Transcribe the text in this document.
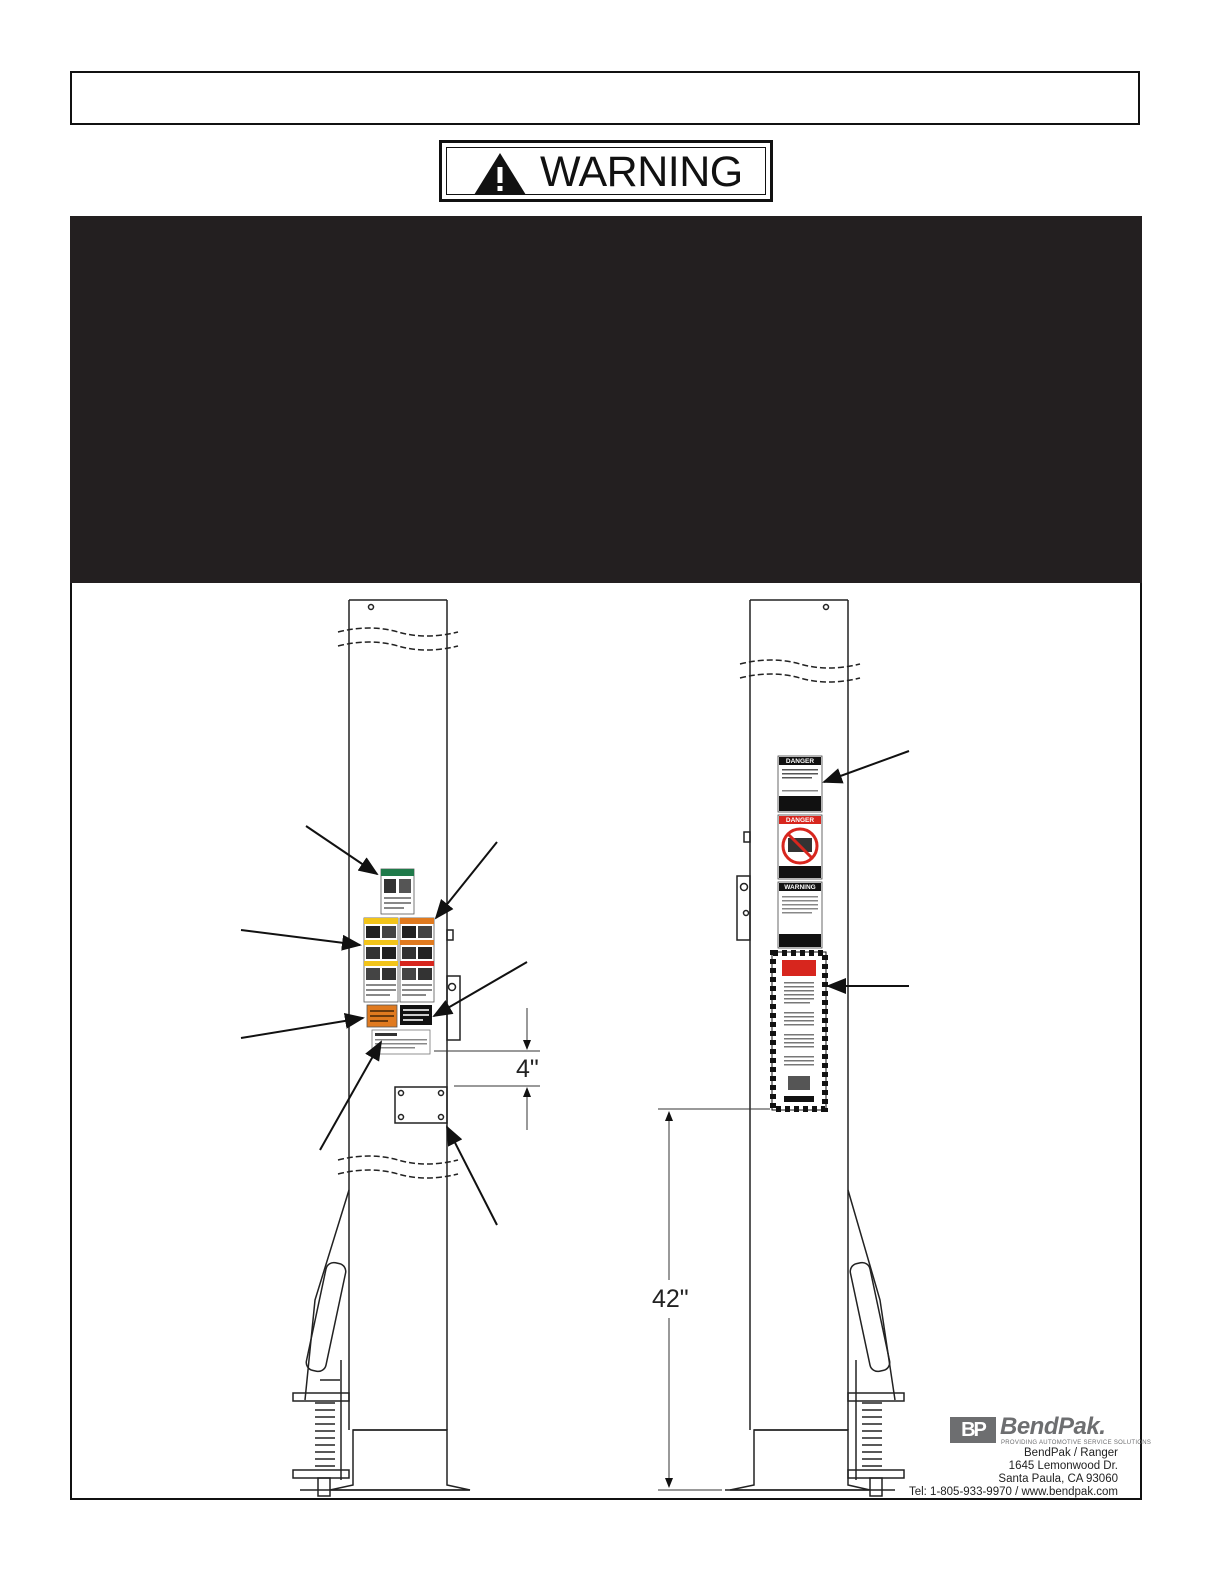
WARNING
DANGER
DANGER
WARNING
4"
42"
BP BendPak.
PROVIDING AUTOMOTIVE SERVICE SOLUTIONS
BendPak / Ranger
1645 Lemonwood Dr.
Santa Paula, CA 93060
Tel: 1-805-933-9970 / www.bendpak.com
